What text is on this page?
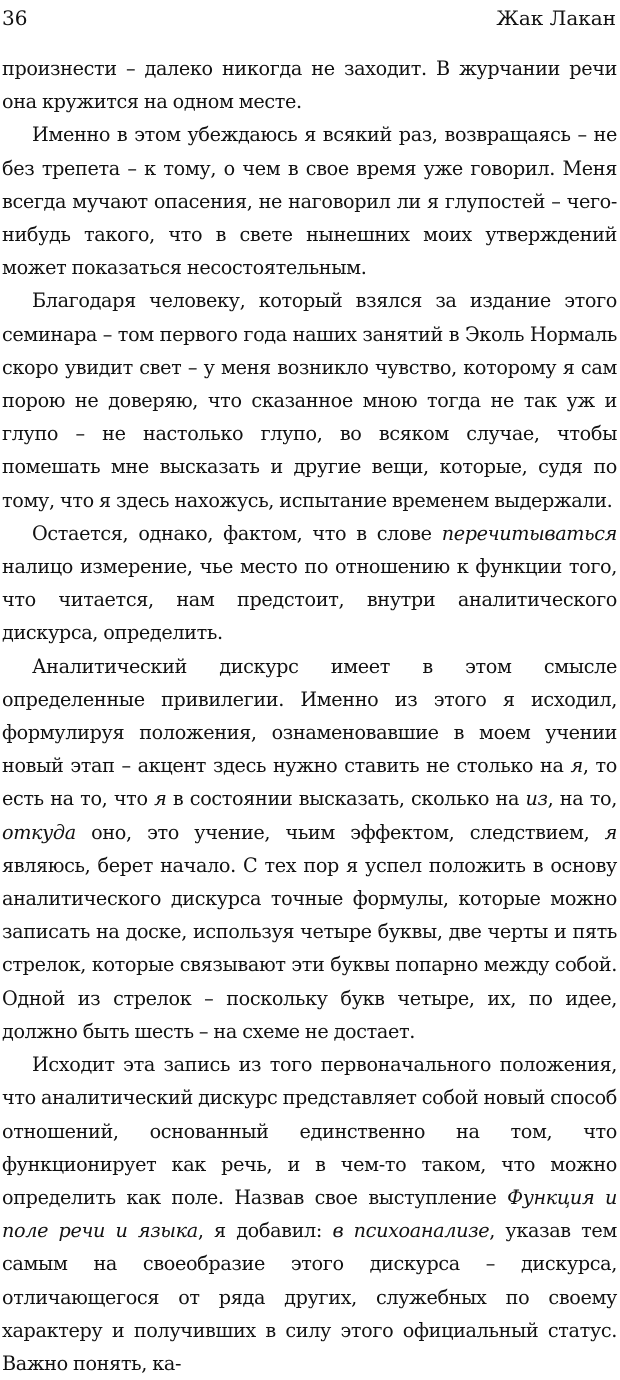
36	Жак Лакан

произнести – далеко никогда не заходит. В журчании речи она кружится на одном месте.

Именно в этом убеждаюсь я всякий раз, возвращаясь – не без трепета – к тому, о чем в свое время уже говорил. Меня всегда мучают опасения, не наговорил ли я глупостей – чего-нибудь такого, что в свете нынешних моих утверждений может показаться несостоятельным.

Благодаря человеку, который взялся за издание этого семинара – том первого года наших занятий в Эколь Нормаль скоро увидит свет – у меня возникло чувство, которому я сам порою не доверяю, что сказанное мною тогда не так уж и глупо – не настолько глупо, во всяком случае, чтобы помешать мне высказать и другие вещи, которые, судя по тому, что я здесь нахожусь, испытание временем выдержали.

Остается, однако, фактом, что в слове перечитываться налицо измерение, чье место по отношению к функции того, что читается, нам предстоит, внутри аналитического дискурса, определить.

Аналитический дискурс имеет в этом смысле определенные привилегии. Именно из этого я исходил, формулируя положения, ознаменовавшие в моем учении новый этап – акцент здесь нужно ставить не столько на я, то есть на то, что я в состоянии высказать, сколько на из, на то, откуда оно, это учение, чьим эффектом, следствием, я являюсь, берет начало. С тех пор я успел положить в основу аналитического дискурса точные формулы, которые можно записать на доске, используя четыре буквы, две черты и пять стрелок, которые связывают эти буквы попарно между собой. Одной из стрелок – поскольку букв четыре, их, по идее, должно быть шесть – на схеме не достает.

Исходит эта запись из того первоначального положения, что аналитический дискурс представляет собой новый способ отношений, основанный единственно на том, что функционирует как речь, и в чем-то таком, что можно определить как поле. Назвав свое выступление Функция и поле речи и языка, я добавил: в психоанализе, указав тем самым на своеобразие этого дискурса – дискурса, отличающегося от ряда других, служебных по своему характеру и получивших в силу этого официальный статус. Важно понять, ка-
